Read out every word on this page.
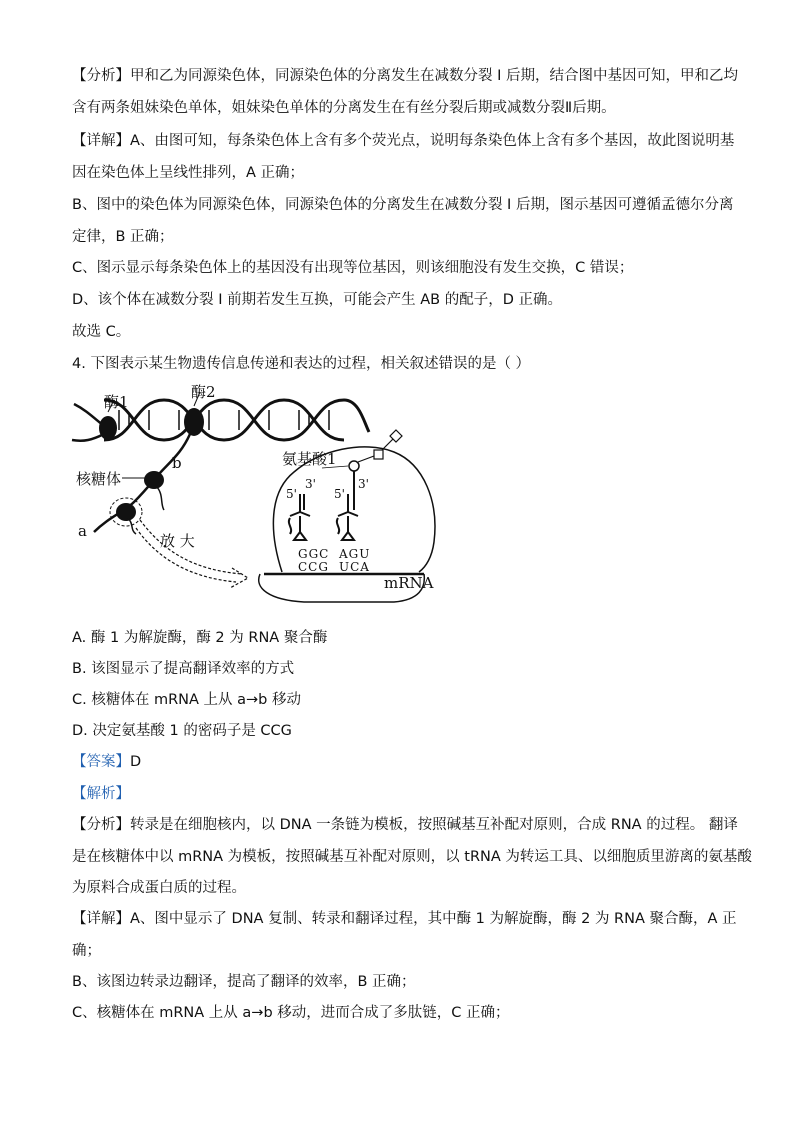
【分析】甲和乙为同源染色体，同源染色体的分离发生在减数分裂 I 后期，结合图中基因可知，甲和乙均
含有两条姐妹染色单体，姐妹染色单体的分离发生在有丝分裂后期或减数分裂Ⅱ后期。
【详解】A、由图可知，每条染色体上含有多个荧光点，说明每条染色体上含有多个基因，故此图说明基
因在染色体上呈线性排列，A 正确；
B、图中的染色体为同源染色体，同源染色体的分离发生在减数分裂 I 后期，图示基因可遵循孟德尔分离
定律，B 正确；
C、图示显示每条染色体上的基因没有出现等位基因，则该细胞没有发生交换，C 错误；
D、该个体在减数分裂 I 前期若发生互换，可能会产生 AB 的配子，D 正确。
故选 C。
4. 下图表示某生物遗传信息传递和表达的过程，相关叙述错误的是（ ）
酶1
酶2
核糖体
b
a
放 大
氨基酸1
5'
3'
5'
3'
GGC AGU
CCG UCA
mRNA
A. 酶 1 为解旋酶，酶 2 为 RNA 聚合酶
B. 该图显示了提高翻译效率的方式
C. 核糖体在 mRNA 上从 a→b 移动
D. 决定氨基酸 1 的密码子是 CCG
【答案】D
【解析】
【分析】转录是在细胞核内，以 DNA 一条链为模板，按照碱基互补配对原则，合成 RNA 的过程。 翻译
是在核糖体中以 mRNA 为模板，按照碱基互补配对原则，以 tRNA 为转运工具、以细胞质里游离的氨基酸
为原料合成蛋白质的过程。
【详解】A、图中显示了 DNA 复制、转录和翻译过程，其中酶 1 为解旋酶，酶 2 为 RNA 聚合酶，A 正
确；
B、该图边转录边翻译，提高了翻译的效率，B 正确；
C、核糖体在 mRNA 上从 a→b 移动，进而合成了多肽链，C 正确；
